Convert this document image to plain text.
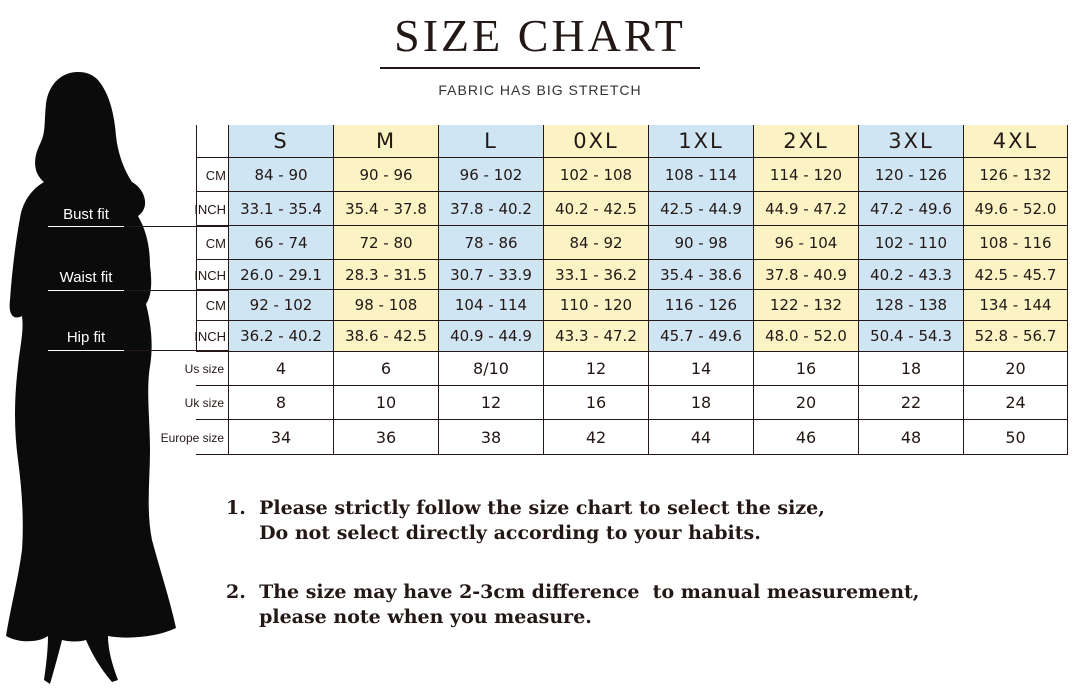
SIZE CHART
FABRIC HAS BIG STRETCH
Bust fit
Waist fit
Hip fit
S	M	L	0XL	1XL	2XL	3XL	4XL
CM	84 - 90	90 - 96	96 - 102	102 - 108	108 - 114	114 - 120	120 - 126	126 - 132
INCH 33.1 - 35.4	35.4 - 37.8	37.8 - 40.2	40.2 - 42.5	42.5 - 44.9	44.9 - 47.2	47.2 - 49.6	49.6 - 52.0
CM	66 - 74	72 - 80	78 - 86	84 - 92	90 - 98	96 - 104	102 - 110	108 - 116
INCH 26.0 - 29.1	28.3 - 31.5	30.7 - 33.9	33.1 - 36.2	35.4 - 38.6	37.8 - 40.9	40.2 - 43.3	42.5 - 45.7
CM	92 - 102	98 - 108	104 - 114	110 - 120	116 - 126	122 - 132	128 - 138	134 - 144
INCH 36.2 - 40.2	38.6 - 42.5	40.9 - 44.9	43.3 - 47.2	45.7 - 49.6	48.0 - 52.0	50.4 - 54.3	52.8 - 56.7
Us size	4	6	8/10	12	14	16	18	20
Uk size	8	10	12	16	18	20	22	24
Europe size	34	36	38	42	44	46	48	50
1.  Please strictly follow the size chart to select the size,
Do not select directly according to your habits.
2.  The size may have 2-3cm difference  to manual measurement,
please note when you measure.
